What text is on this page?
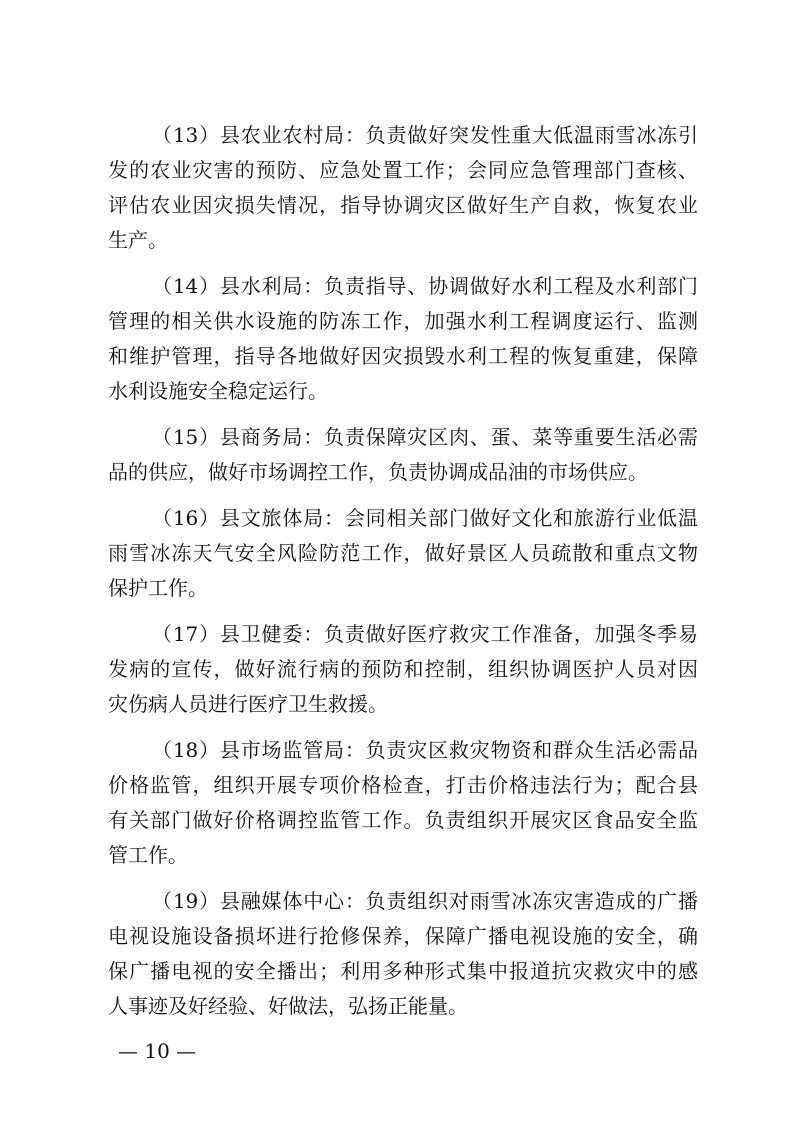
（13）县农业农村局：负责做好突发性重大低温雨雪冰冻引
发的农业灾害的预防、应急处置工作；会同应急管理部门查核、
评估农业因灾损失情况，指导协调灾区做好生产自救，恢复农业
生产。
（14）县水利局：负责指导、协调做好水利工程及水利部门
管理的相关供水设施的防冻工作，加强水利工程调度运行、监测
和维护管理，指导各地做好因灾损毁水利工程的恢复重建，保障
水利设施安全稳定运行。
（15）县商务局：负责保障灾区肉、蛋、菜等重要生活必需
品的供应，做好市场调控工作，负责协调成品油的市场供应。
（16）县文旅体局：会同相关部门做好文化和旅游行业低温
雨雪冰冻天气安全风险防范工作，做好景区人员疏散和重点文物
保护工作。
（17）县卫健委：负责做好医疗救灾工作准备，加强冬季易
发病的宣传，做好流行病的预防和控制，组织协调医护人员对因
灾伤病人员进行医疗卫生救援。
（18）县市场监管局：负责灾区救灾物资和群众生活必需品
价格监管，组织开展专项价格检查，打击价格违法行为；配合县
有关部门做好价格调控监管工作。负责组织开展灾区食品安全监
管工作。
（19）县融媒体中心：负责组织对雨雪冰冻灾害造成的广播
电视设施设备损坏进行抢修保养，保障广播电视设施的安全，确
保广播电视的安全播出；利用多种形式集中报道抗灾救灾中的感
人事迹及好经验、好做法，弘扬正能量。
— 10 —
